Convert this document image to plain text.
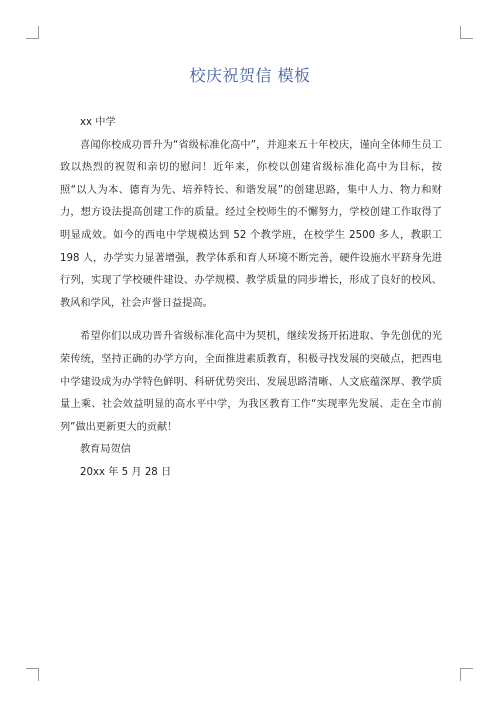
校庆祝贺信 模板

xx 中学

喜闻你校成功晋升为“省级标准化高中”，并迎来五十年校庆，谨向全体师生员工致以热烈的祝贺和亲切的慰问！近年来，你校以创建省级标准化高中为目标，按照“以人为本、德育为先、培养特长、和谐发展”的创建思路，集中人力、物力和财力，想方设法提高创建工作的质量。经过全校师生的不懈努力，学校创建工作取得了明显成效。如今的西电中学规模达到 52 个教学班，在校学生 2500 多人，教职工 198 人，办学实力显著增强，教学体系和育人环境不断完善，硬件设施水平跻身先进行列，实现了学校硬件建设、办学规模、教学质量的同步增长，形成了良好的校风、教风和学风，社会声誉日益提高。

希望你们以成功晋升省级标准化高中为契机，继续发扬开拓进取、争先创优的光荣传统，坚持正确的办学方向，全面推进素质教育，积极寻找发展的突破点，把西电中学建设成为办学特色鲜明、科研优势突出、发展思路清晰、人文底蕴深厚、教学质量上乘、社会效益明显的高水平中学，为我区教育工作“实现率先发展、走在全市前列”做出更新更大的贡献！

教育局贺信

20xx 年 5 月 28 日
